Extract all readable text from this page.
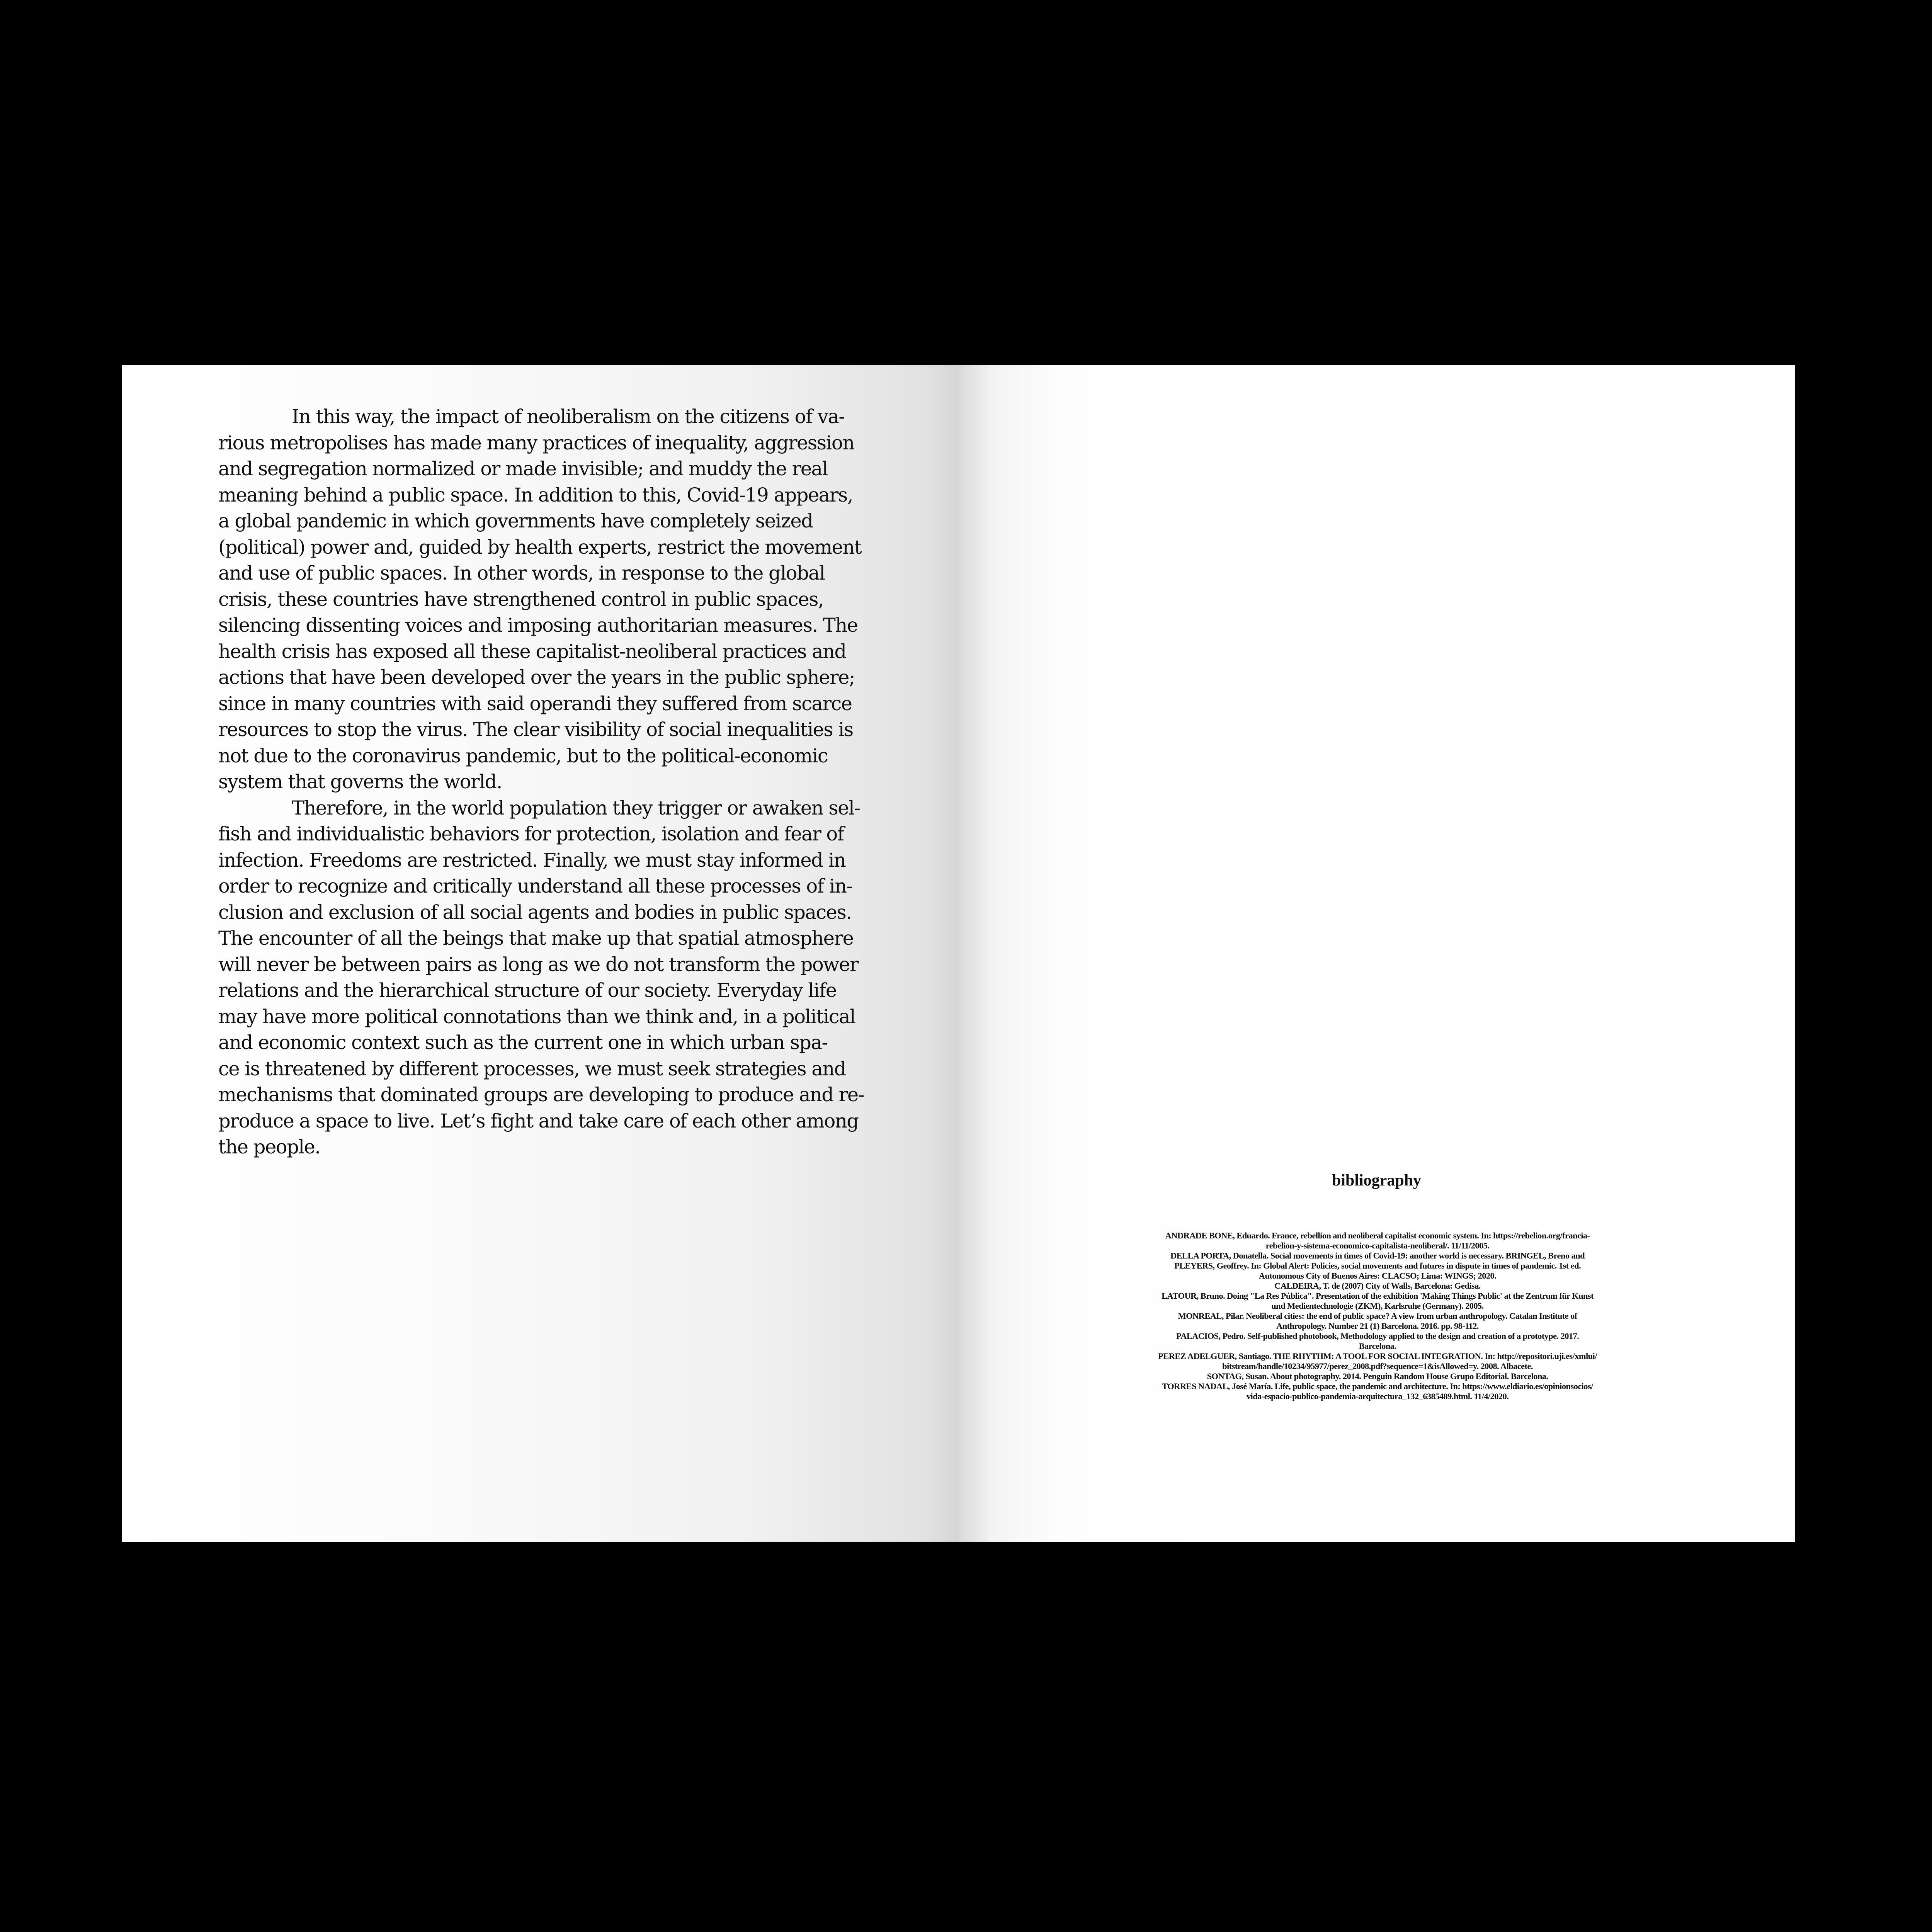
In this way, the impact of neoliberalism on the citizens of va-
rious metropolises has made many practices of inequality, aggression
and segregation normalized or made invisible; and muddy the real
meaning behind a public space. In addition to this, Covid-19 appears,
a global pandemic in which governments have completely seized
(political) power and, guided by health experts, restrict the movement
and use of public spaces. In other words, in response to the global
crisis, these countries have strengthened control in public spaces,
silencing dissenting voices and imposing authoritarian measures. The
health crisis has exposed all these capitalist-neoliberal practices and
actions that have been developed over the years in the public sphere;
since in many countries with said operandi they suffered from scarce
resources to stop the virus. The clear visibility of social inequalities is
not due to the coronavirus pandemic, but to the political-economic
system that governs the world.

Therefore, in the world population they trigger or awaken sel-
fish and individualistic behaviors for protection, isolation and fear of
infection. Freedoms are restricted. Finally, we must stay informed in
order to recognize and critically understand all these processes of in-
clusion and exclusion of all social agents and bodies in public spaces.
The encounter of all the beings that make up that spatial atmosphere
will never be between pairs as long as we do not transform the power
relations and the hierarchical structure of our society. Everyday life
may have more political connotations than we think and, in a political
and economic context such as the current one in which urban spa-
ce is threatened by different processes, we must seek strategies and
mechanisms that dominated groups are developing to produce and re-
produce a space to live. Let’s fight and take care of each other among
the people.

bibliography
ANDRADE BONE, Eduardo. France, rebellion and neoliberal capitalist economic system. In: https://rebelion.org/francia-
rebelion-y-sistema-economico-capitalista-neoliberal/. 11/11/2005.
DELLA PORTA, Donatella. Social movements in times of Covid-19: another world is necessary. BRINGEL, Breno and
PLEYERS, Geoffrey. In: Global Alert: Policies, social movements and futures in dispute in times of pandemic. 1st ed.
Autonomous City of Buenos Aires: CLACSO; Lima: WINGS; 2020.
CALDEIRA, T. de (2007) City of Walls, Barcelona: Gedisa.
LATOUR, Bruno. Doing "La Res Pública". Presentation of the exhibition 'Making Things Public' at the Zentrum für Kunst
und Medientechnologie (ZKM), Karlsruhe (Germany). 2005.
MONREAL, Pilar. Neoliberal cities: the end of public space? A view from urban anthropology. Catalan Institute of
Anthropology. Number 21 (1) Barcelona. 2016. pp. 98-112.
PALACIOS, Pedro. Self-published photobook, Methodology applied to the design and creation of a prototype. 2017.
Barcelona.
PEREZ ADELGUER, Santiago. THE RHYTHM: A TOOL FOR SOCIAL INTEGRATION. In: http://repositori.uji.es/xmlui/
bitstream/handle/10234/95977/perez_2008.pdf?sequence=1&isAllowed=y. 2008. Albacete.
SONTAG, Susan. About photography. 2014. Penguin Random House Grupo Editorial. Barcelona.
TORRES NADAL, José María. Life, public space, the pandemic and architecture. In: https://www.eldiario.es/opinionsocios/
vida-espacio-publico-pandemia-arquitectura_132_6385489.html. 11/4/2020.
